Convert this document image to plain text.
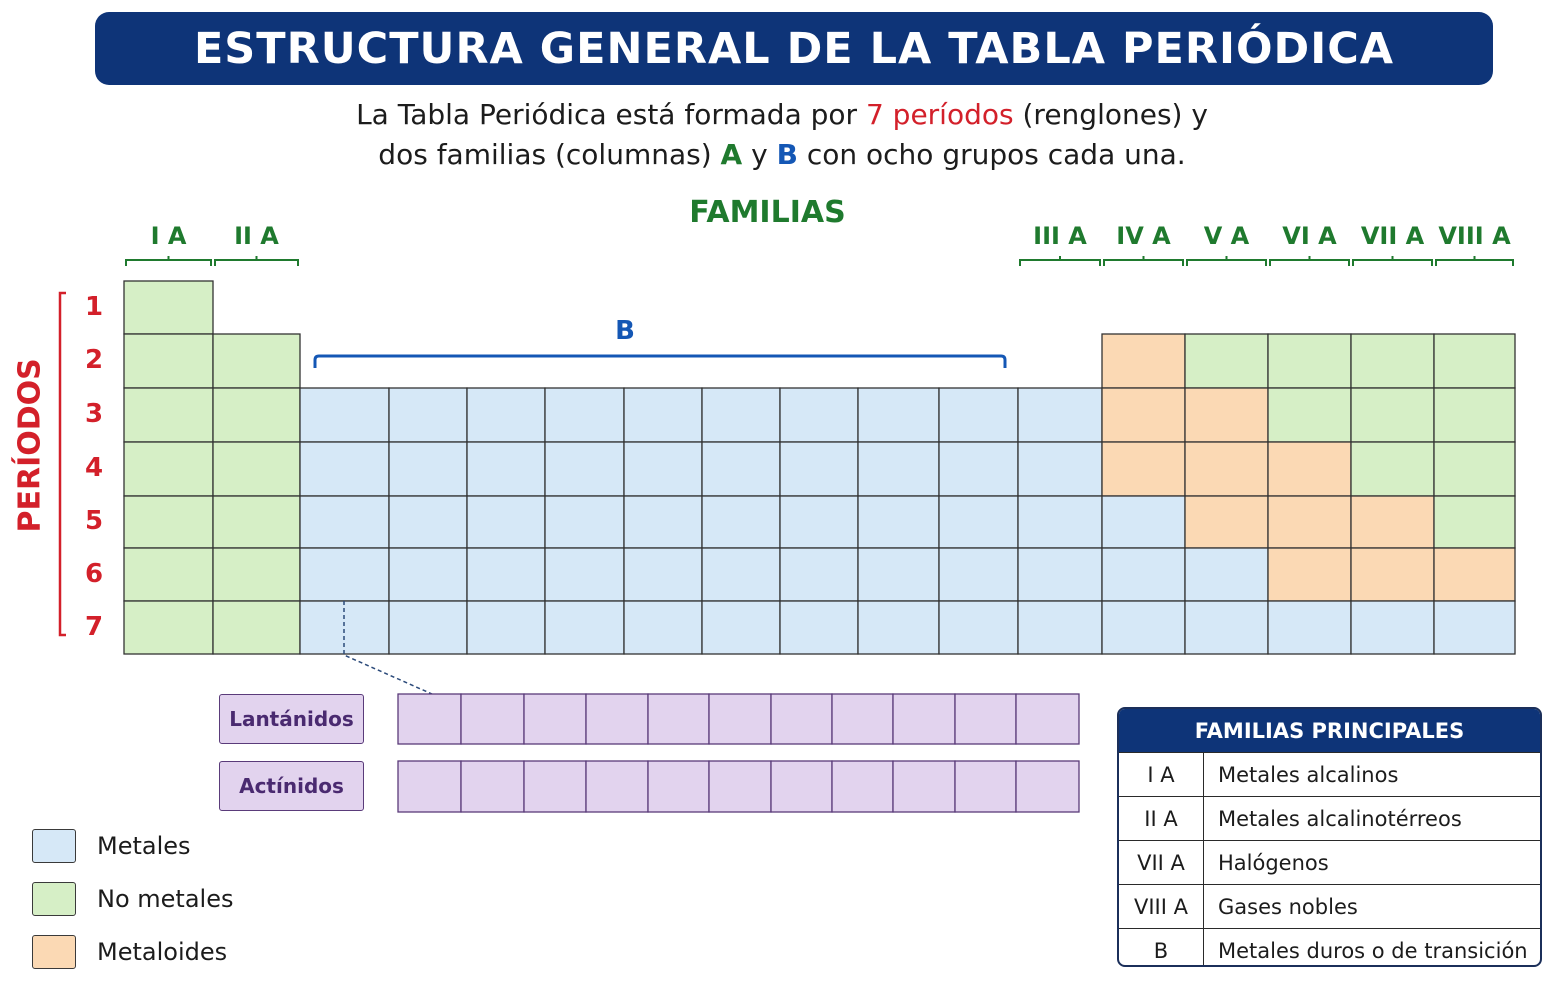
ESTRUCTURA GENERAL DE LA TABLA PERIÓDICA
La Tabla Periódica está formada por 7 períodos (renglones) y
dos familias (columnas) A y B con ocho grupos cada una.
FAMILIAS
PERÍODOS
B
I A	II A	III A	IV A	V A	VI A	VII A VIII A
1
2
3
4
5
6
7
Lantánidos
Actínidos
Metales
No metales
Metaloides
FAMILIAS PRINCIPALES
I A	Metales alcalinos
II A	Metales alcalinotérreos
VII A	Halógenos
VIII A	Gases nobles
B	Metales duros o de transición
